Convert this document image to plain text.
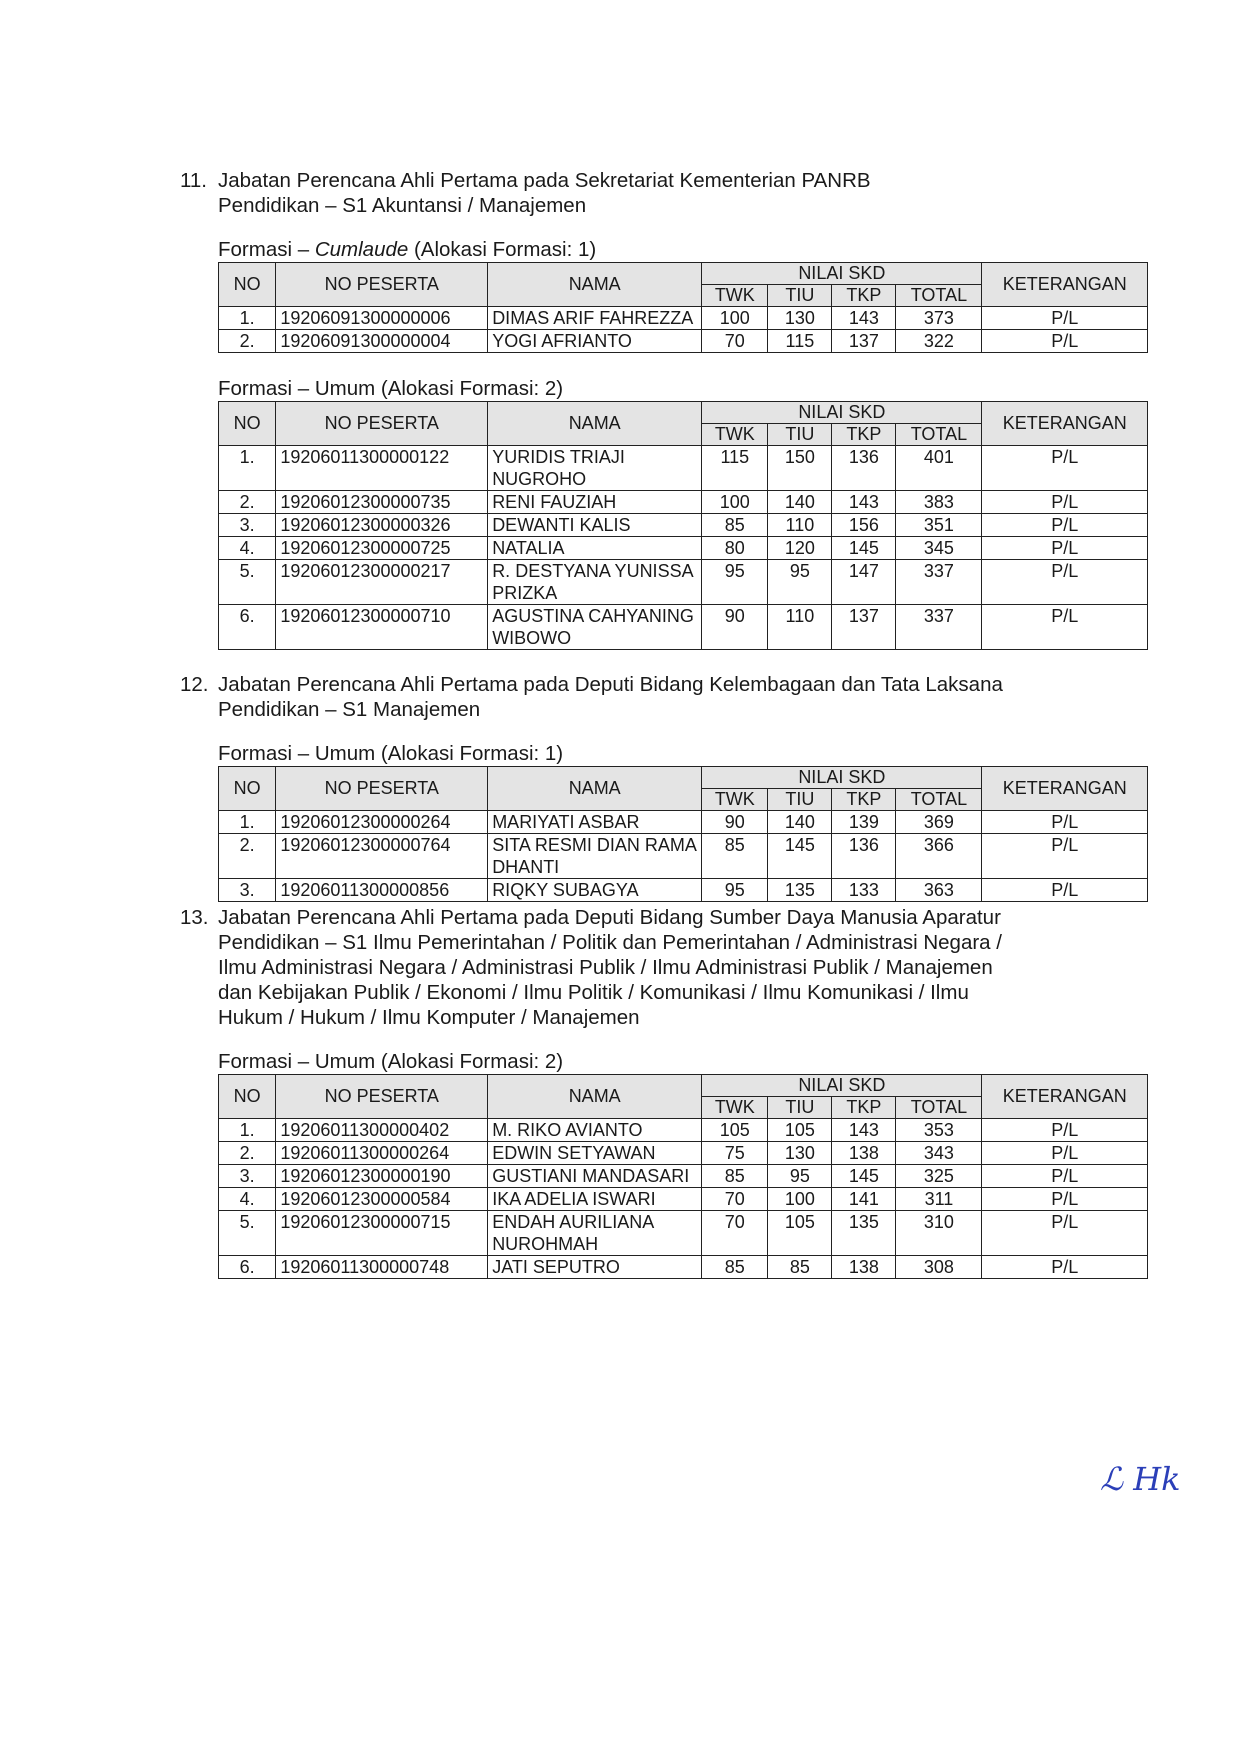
11. Jabatan Perencana Ahli Pertama pada Sekretariat Kementerian PANRB
Pendidikan – S1 Akuntansi / Manajemen
Formasi – Cumlaude (Alokasi Formasi: 1)
NO	NO PESERTA	NAMA	NILAI SKD				KETERANGAN
			TWK	TIU	TKP	TOTAL	
1.	19206091300000006	DIMAS ARIF FAHREZZA	100	130	143	373	P/L
2.	19206091300000004	YOGI AFRIANTO	70	115	137	322	P/L
Formasi – Umum (Alokasi Formasi: 2)
NO	NO PESERTA	NAMA	NILAI SKD				KETERANGAN
			TWK	TIU	TKP	TOTAL	
1.	19206011300000122	YURIDIS TRIAJI NUGROHO	115	150	136	401	P/L
2.	19206012300000735	RENI FAUZIAH	100	140	143	383	P/L
3.	19206012300000326	DEWANTI KALIS	85	110	156	351	P/L
4.	19206012300000725	NATALIA	80	120	145	345	P/L
5.	19206012300000217	R. DESTYANA YUNISSA PRIZKA	95	95	147	337	P/L
6.	19206012300000710	AGUSTINA CAHYANING WIBOWO	90	110	137	337	P/L
12. Jabatan Perencana Ahli Pertama pada Deputi Bidang Kelembagaan dan Tata Laksana
Pendidikan – S1 Manajemen
Formasi – Umum (Alokasi Formasi: 1)
NO	NO PESERTA	NAMA	NILAI SKD				KETERANGAN
			TWK	TIU	TKP	TOTAL	
1.	19206012300000264	MARIYATI ASBAR	90	140	139	369	P/L
2.	19206012300000764	SITA RESMI DIAN RAMA DHANTI	85	145	136	366	P/L
3.	19206011300000856	RIQKY SUBAGYA	95	135	133	363	P/L
13. Jabatan Perencana Ahli Pertama pada Deputi Bidang Sumber Daya Manusia Aparatur
Pendidikan – S1 Ilmu Pemerintahan / Politik dan Pemerintahan / Administrasi Negara /
Ilmu Administrasi Negara / Administrasi Publik / Ilmu Administrasi Publik / Manajemen
dan Kebijakan Publik / Ekonomi / Ilmu Politik / Komunikasi / Ilmu Komunikasi / Ilmu
Hukum / Hukum / Ilmu Komputer / Manajemen
Formasi – Umum (Alokasi Formasi: 2)
NO	NO PESERTA	NAMA	NILAI SKD				KETERANGAN
			TWK	TIU	TKP	TOTAL	
1.	19206011300000402	M. RIKO AVIANTO	105	105	143	353	P/L
2.	19206011300000264	EDWIN SETYAWAN	75	130	138	343	P/L
3.	19206012300000190	GUSTIANI MANDASARI	85	95	145	325	P/L
4.	19206012300000584	IKA ADELIA ISWARI	70	100	141	311	P/L
5.	19206012300000715	ENDAH AURILIANA NUROHMAH	70	105	135	310	P/L
6.	19206011300000748	JATI SEPUTRO	85	85	138	308	P/L
ℒ Hk
